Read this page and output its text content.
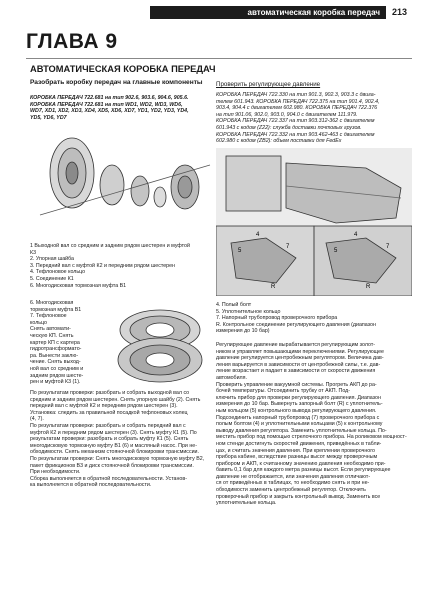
автоматическая коробка передач	213
ГЛАВА 9
АВТОМАТИЧЕСКАЯ КОРОБКА ПЕРЕДАЧ
Разобрать коробку передач на главные компоненты
КОРОБКА ПЕРЕДАЧ 722.681 на тип 902.6, 903.6, 904.6, 905.6.
КОРОБКА ПЕРЕДАЧ 722.681 на тип WD1, WD2, WD3, WD6,
WD7, XD1, XD2, XD3, XD4, XD5, XD6, XD7, YD1, YD2, YD3, YD4,
YD5, YD6, YD7
1 Выходной вал со средним и задним рядом шестерен и муфтой
К3
2. Упорная шайба
3. Передний вал с муфтой К2 и передним рядом шестерен
4. Тефлоновое кольцо
5. Соединение К1
6. Многодисковая тормозная муфта В1
6. Многодисковая
тормозная муфта В1
7. Тефлоновое
кольцо
Снять автомати-
ческую КП. Снять
картер КП с картера
гидротрансформато-
ра. Вынести заклю-
чение. Снять выход-
ной вал со средним и
задним рядом шесте-
рен и муфтой К3 (1).
По результатам проверки: разобрать и собрать выходной вал со
средним и задним рядом шестерен. Снять упорную шайбу (2). Снять
передний вал с муфтой К2 и передним рядом шестерен (3).
Установка: следить за правильной посадкой тефлоновых колец
(4, 7).
По результатам проверки: разобрать и собрать передний вал с
муфтой К2 и передним рядом шестерен (3). Снять муфту К1 (5). По
результатам проверки: разобрать и собрать муфту К1 (5). Снять
многодисковую тормозную муфту В1 (6) и масляный насос. При не-
обходимости. Снять механизм стояночной блокировки трансмиссии.
По результатам проверки: Снять многодисковую тормозную муфту В2,
пакет фрикционов В3 и диск стояночной блокировки трансмиссии.
При необходимости.
Сборка выполняется в обратной последовательности. Установ-
ка выполняется в обратной последовательности.
Проверить регулирующее давление
КОРОБКА ПЕРЕДАЧ 722.330 на тип 901.3, 902.3, 903.3 с двига-
телем 601.943. КОРОБКА ПЕРЕДАЧ 722.375 на тип 901.4, 902.4,
903.4, 904.4 с двигателем 602.980. КОРОБКА ПЕРЕДАЧ 722.376
на тип 901.06, 902.0, 903.0, 904.0 с двигателем 111.979.
КОРОБКА ПЕРЕДАЧ 722.337 на тип 903.312-362 с двигателем
601.943 с кодом (Z22): служба доставки почтовых грузов.
КОРОБКА ПЕРЕДАЧ 722.332 на тип 903.462-463 с двигателем
602.980 с кодом (ZB2): объем поставки для FedEx
4
5
7
R
4
5
7
R
4. Полый болт
5. Уплотнительное кольцо
7. Напорный трубопровод проверочного прибора
R. Контрольное соединение регулирующего давления (диапазон
измерения до 10 бар)
Регулирующее давление вырабатывается регулирующим золот-
ником и управляет повышающими переключениями. Регулирующее
давление регулируется центробежным регулятором. Величина дав-
ления варьируется в зависимости от центробежной силы, т.е. дав-
ление возрастает и падает в зависимости от скорости движения
автомобиля.
Проверить управление вакуумной системы. Прогреть АКП до ра-
бочей температуры. Отсоединить трубку от АКП. Под-
ключить прибор для проверки регулирующего давления. Диапазон
измерения до 10 бар. Вывернуть запорный болт (R) с уплотнитель-
ным кольцом (5) контрольного вывода регулирующего давления.
Подсоединить напорный трубопровод (7) проверочного прибора с
полым болтом (4) и уплотнительными кольцами (5) к контрольному
выводу давления регулятора. Заменить уплотнительные кольца. По-
местить прибор под помощью стрелочного прибора. На роликовом мощност-
ном стенде достигнуть скоростей движения, приведённых в табли-
цах, и считать значения давления. При креплении проверочного
прибора кабине, вследствие разницы высот между проверочным
прибором и АКП, к считанному значению давления необходимо при-
бавить 0,1 бар для каждого метра разницы высот. Если регулирующее
давление не отображается, или значения давления отличают-
ся от приведённых в таблицах, то необходимо снять и при не-
обходимости заменить центробежный регулятор. Отключить
проверочный прибор и закрыть контрольный вывод. Заменить все
уплотнительные кольца.
